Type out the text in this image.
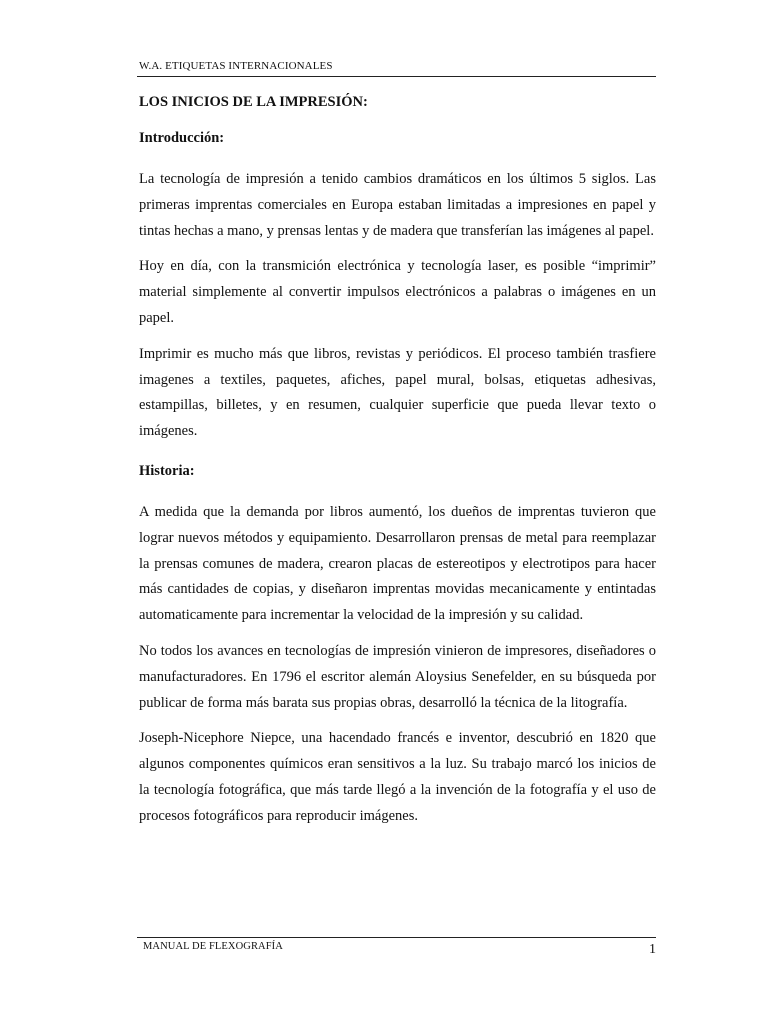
W.A. ETIQUETAS INTERNACIONALES
LOS INICIOS DE LA IMPRESIÓN:
Introducción:

La tecnología de impresión a tenido cambios dramáticos en los últimos 5 siglos. Las primeras imprentas comerciales en Europa estaban limitadas a impresiones en papel y tintas hechas a mano, y prensas lentas y de madera que transferían las imágenes al papel.

Hoy en día, con la transmición electrónica y tecnología laser, es posible “imprimir” material simplemente al convertir impulsos electrónicos a palabras o imágenes en un papel.

Imprimir es mucho más que libros, revistas y periódicos. El proceso también trasfiere imagenes a textiles, paquetes, afiches, papel mural, bolsas, etiquetas adhesivas, estampillas, billetes, y en resumen, cualquier superficie que pueda llevar texto o imágenes.

Historia:

A medida que la demanda por libros aumentó, los dueños de imprentas tuvieron que lograr nuevos métodos y equipamiento. Desarrollaron prensas de metal para reemplazar la prensas comunes de madera, crearon placas de estereotipos y electrotipos para hacer más cantidades de copias, y diseñaron imprentas movidas mecanicamente y entintadas automaticamente para incrementar la velocidad de la impresión y su calidad.

No todos los avances en tecnologías de impresión vinieron de impresores, diseñadores o manufacturadores. En 1796 el escritor alemán Aloysius Senefelder, en su búsqueda por publicar de forma más barata sus propias obras, desarrolló la técnica de la litografía.

Joseph-Nicephore Niepce, una hacendado francés e inventor, descubrió en 1820 que algunos componentes químicos eran sensitivos a la luz. Su trabajo marcó los inicios de la tecnología fotográfica, que más tarde llegó a la invención de la fotografía y el uso de procesos fotográficos para reproducir imágenes.

MANUAL DE FLEXOGRAFÍA	1
